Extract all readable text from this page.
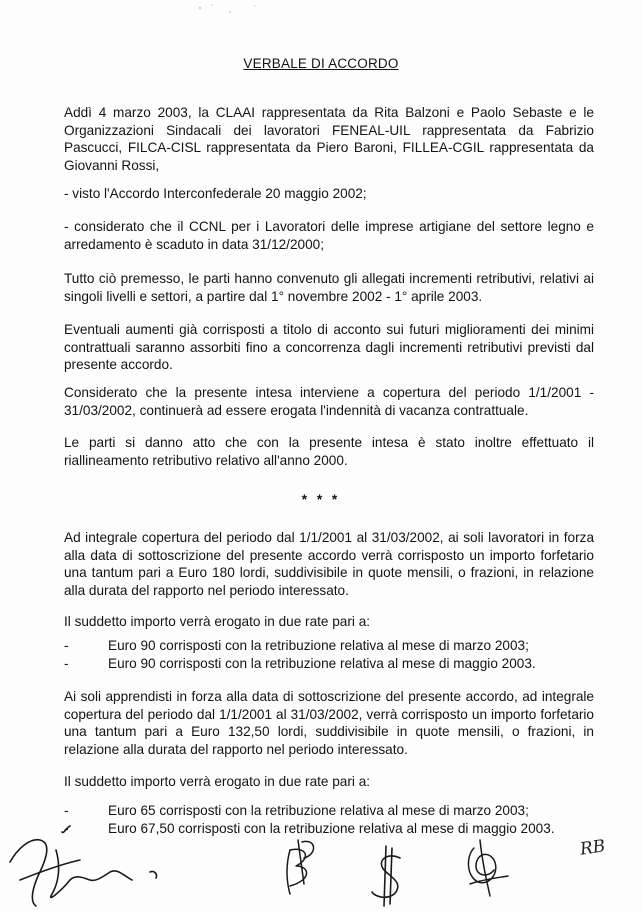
VERBALE DI ACCORDO

Addì 4 marzo 2003, la CLAAI rappresentata da Rita Balzoni e Paolo Sebaste e le Organizzazioni Sindacali dei lavoratori FENEAL-UIL rappresentata da Fabrizio Pascucci, FILCA-CISL rappresentata da Piero Baroni, FILLEA-CGIL rappresentata da Giovanni Rossi,

- visto l'Accordo Interconfederale 20 maggio 2002;

- considerato che il CCNL per i Lavoratori delle imprese artigiane del settore legno e arredamento è scaduto in data 31/12/2000;

Tutto ciò premesso, le parti hanno convenuto gli allegati incrementi retributivi, relativi ai singoli livelli e settori, a partire dal 1° novembre 2002 - 1° aprile 2003.

Eventuali aumenti già corrisposti a titolo di acconto sui futuri miglioramenti dei minimi contrattuali saranno assorbiti fino a concorrenza dagli incrementi retributivi previsti dal presente accordo.

Considerato che la presente intesa interviene a copertura del periodo 1/1/2001 - 31/03/2002, continuerà ad essere erogata l'indennità di vacanza contrattuale.

Le parti si danno atto che con la presente intesa è stato inoltre effettuato il riallineamento retributivo relativo all'anno 2000.

* * *

Ad integrale copertura del periodo dal 1/1/2001 al 31/03/2002, ai soli lavoratori in forza alla data di sottoscrizione del presente accordo verrà corrisposto un importo forfetario una tantum pari a Euro 180 lordi, suddivisibile in quote mensili, o frazioni, in relazione alla durata del rapporto nel periodo interessato.

Il suddetto importo verrà erogato in due rate pari a:

-	Euro 90 corrisposti con la retribuzione relativa al mese di marzo 2003;
-	Euro 90 corrisposti con la retribuzione relativa al mese di maggio 2003.

Ai soli apprendisti in forza alla data di sottoscrizione del presente accordo, ad integrale copertura del periodo dal 1/1/2001 al 31/03/2002, verrà corrisposto un importo forfetario una tantum pari a Euro 132,50 lordi, suddivisibile in quote mensili, o frazioni, in relazione alla durata del rapporto nel periodo interessato.

Il suddetto importo verrà erogato in due rate pari a:

-	Euro 65 corrisposti con la retribuzione relativa al mese di marzo 2003;
-	Euro 67,50 corrisposti con la retribuzione relativa al mese di maggio 2003.
RB
